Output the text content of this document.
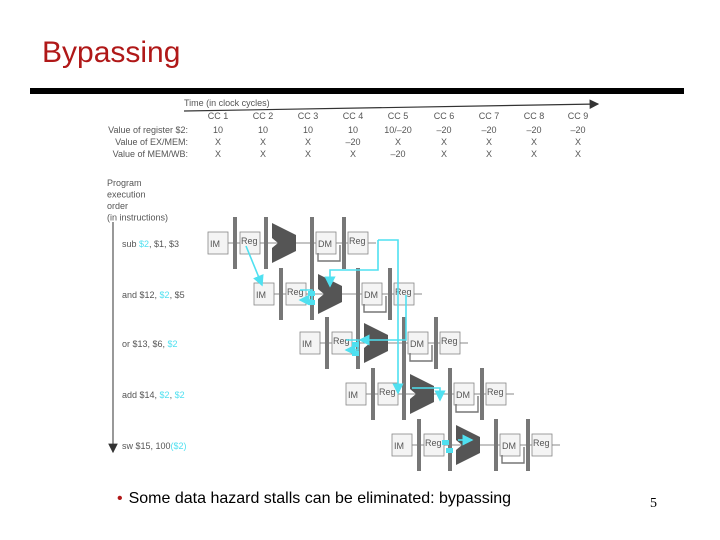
Bypassing
Time (in clock cycles)
CC 1	CC 2	CC 3	CC 4	CC 5	CC 6	CC 7	CC 8	CC 9
Value of register $2:	10	10	10	10	10/–20	–20	–20	–20	–20
Value of EX/MEM:	X	X	X	–20	X	X	X	X	X
Value of MEM/WB:	X	X	X	X	–20	X	X	X	X
Program
execution
order
(in instructions)
sub $2, $1, $3
and $12, $2, $5
or $13, $6, $2
add $14, $2, $2
sw $15, 100($2)
IM Reg	DM Reg
IM Reg	DM Reg
IM Reg	DM Reg
IM Reg	DM Reg
IM Reg	DM Reg
• Some data hazard stalls can be eliminated: bypassing	5
